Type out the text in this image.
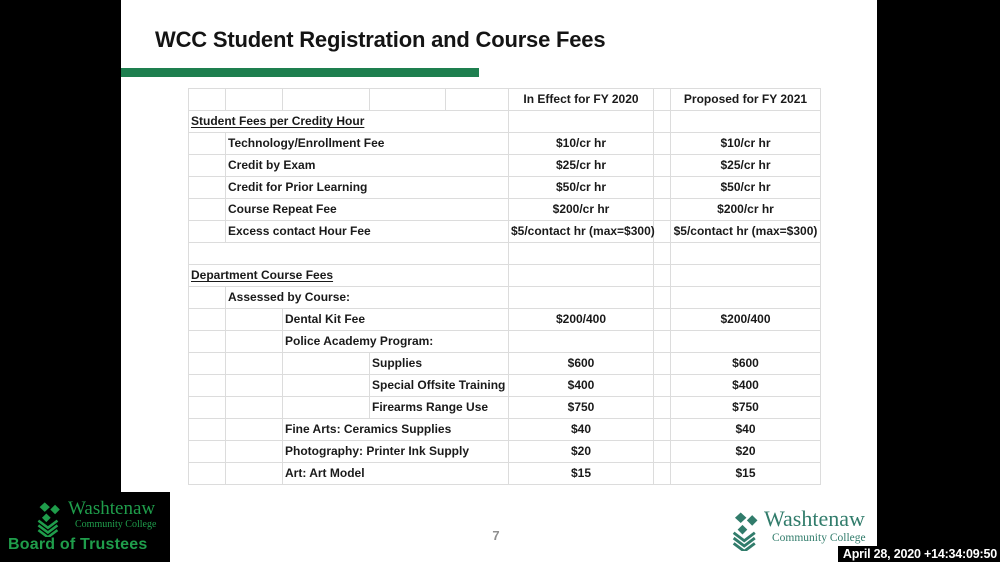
WCC Student Registration and Course Fees
					In Effect for FY 2020		Proposed for FY 2021
Student Fees per Credity Hour							
	Technology/Enrollment Fee				$10/cr hr		$10/cr hr
	Credit by Exam				$25/cr hr		$25/cr hr
	Credit for Prior Learning				$50/cr hr		$50/cr hr
	Course Repeat Fee				$200/cr hr		$200/cr hr
	Excess contact Hour Fee				$5/contact hr (max=$300)		$5/contact hr (max=$300)

Department Course Fees							
	Assessed by Course:						
		Dental Kit Fee			$200/400		$200/400
		Police Academy Program:					
			Supplies		$600		$600
			Special Offsite Training		$400		$400
			Firearms Range Use		$750		$750
		Fine Arts: Ceramics Supplies			$40		$40
		Photography: Printer Ink Supply			$20		$20
		Art: Art Model			$15		$15
7
Washtenaw
Community College
Washtenaw
Community College
Board of Trustees
April 28, 2020 +14:34:09:50
